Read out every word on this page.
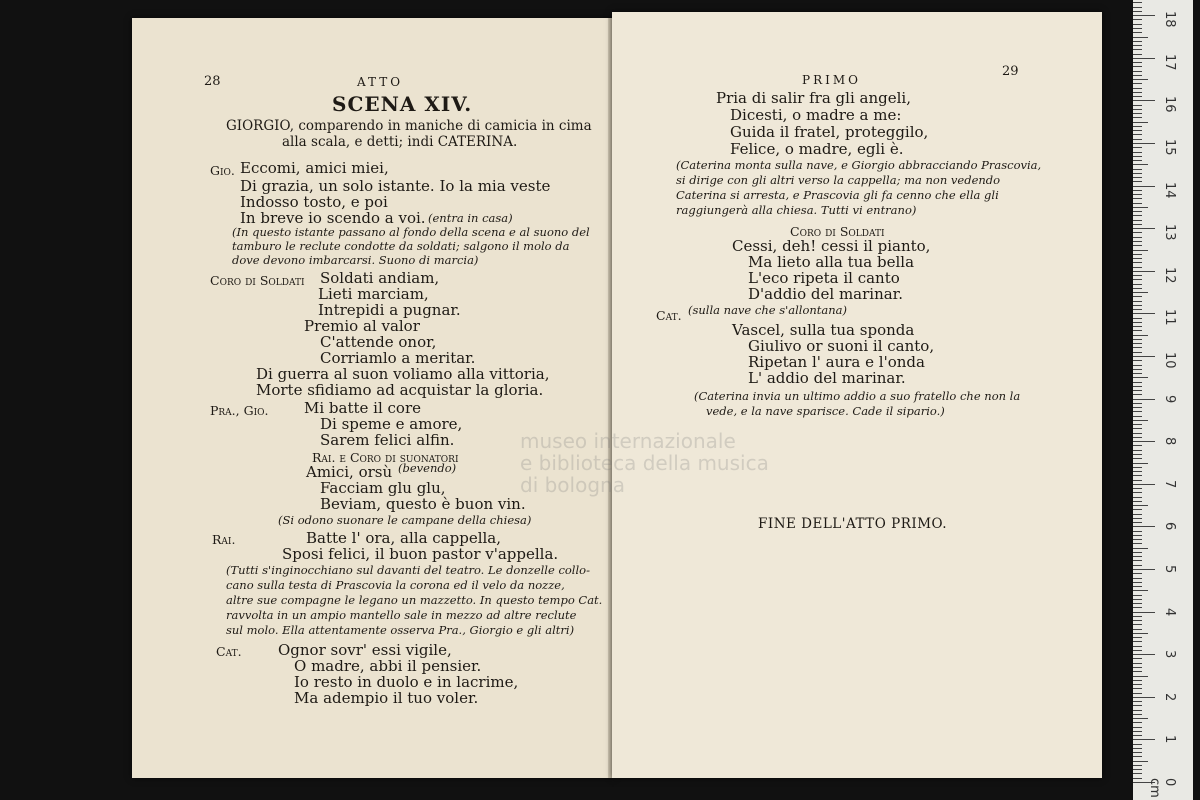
28	ATTO
SCENA XIV.
GIORGIO, comparendo in maniche di camicia in cima
alla scala, e detti; indi CATERINA.
Gio. Eccomi, amici miei,
Di grazia, un solo istante. Io la mia veste
Indosso tosto, e poi
In breve io scendo a voi. (entra in casa)
(In questo istante passano al fondo della scena e al suono del
tamburo le reclute condotte da soldati; salgono il molo da
dove devono imbarcarsi. Suono di marcia)
Coro di Soldati Soldati andiam,
Lieti marciam,
Intrepidi a pugnar.
Premio al valor
C'attende onor,
Corriamlo a meritar.
Di guerra al suon voliamo alla vittoria,
Morte sfidiamo ad acquistar la gloria.
Pra., Gio. Mi batte il core
Di speme e amore,
Sarem felici alfin.
Rai. e Coro di suonatori
Amici, orsù (bevendo)
Facciam glu glu,
Beviam, questo è buon vin.
(Si odono suonare le campane della chiesa)
Rai.	Batte l' ora, alla cappella,
Sposi felici, il buon pastor v'appella.
(Tutti s'inginocchiano sul davanti del teatro. Le donzelle collo-
cano sulla testa di Prascovia la corona ed il velo da nozze,
altre sue compagne le legano un mazzetto. In questo tempo Cat.
ravvolta in un ampio mantello sale in mezzo ad altre reclute
sul molo. Ella attentamente osserva Pra., Giorgio e gli altri)
Cat. Ognor sovr' essi vigile,
O madre, abbi il pensier.
Io resto in duolo e in lacrime,
Ma adempio il tuo voler.
PRIMO
29
Pria di salir fra gli angeli,
Dicesti, o madre a me:
Guida il fratel, proteggilo,
Felice, o madre, egli è.
(Caterina monta sulla nave, e Giorgio abbracciando Prascovia,
si dirige con gli altri verso la cappella; ma non vedendo
Caterina si arresta, e Prascovia gli fa cenno che ella gli
raggiungerà alla chiesa. Tutti vi entrano)
Coro di Soldati
Cessi, deh! cessi il pianto,
Ma lieto alla tua bella
L'eco ripeta il canto
D'addio del marinar.
Cat. (sulla nave che s'allontana)
Vascel, sulla tua sponda
Giulivo or suoni il canto,
Ripetan l' aura e l'onda
L' addio del marinar.
(Caterina invia un ultimo addio a suo fratello che non la
vede, e la nave sparisce. Cade il sipario.)
FINE DELL'ATTO PRIMO.
museo internazionale
e biblioteca della musica
di bologna
0 cm
1
2
3
4
5
6
7
8
9
10
11
12
13
14
15
16
17
18
